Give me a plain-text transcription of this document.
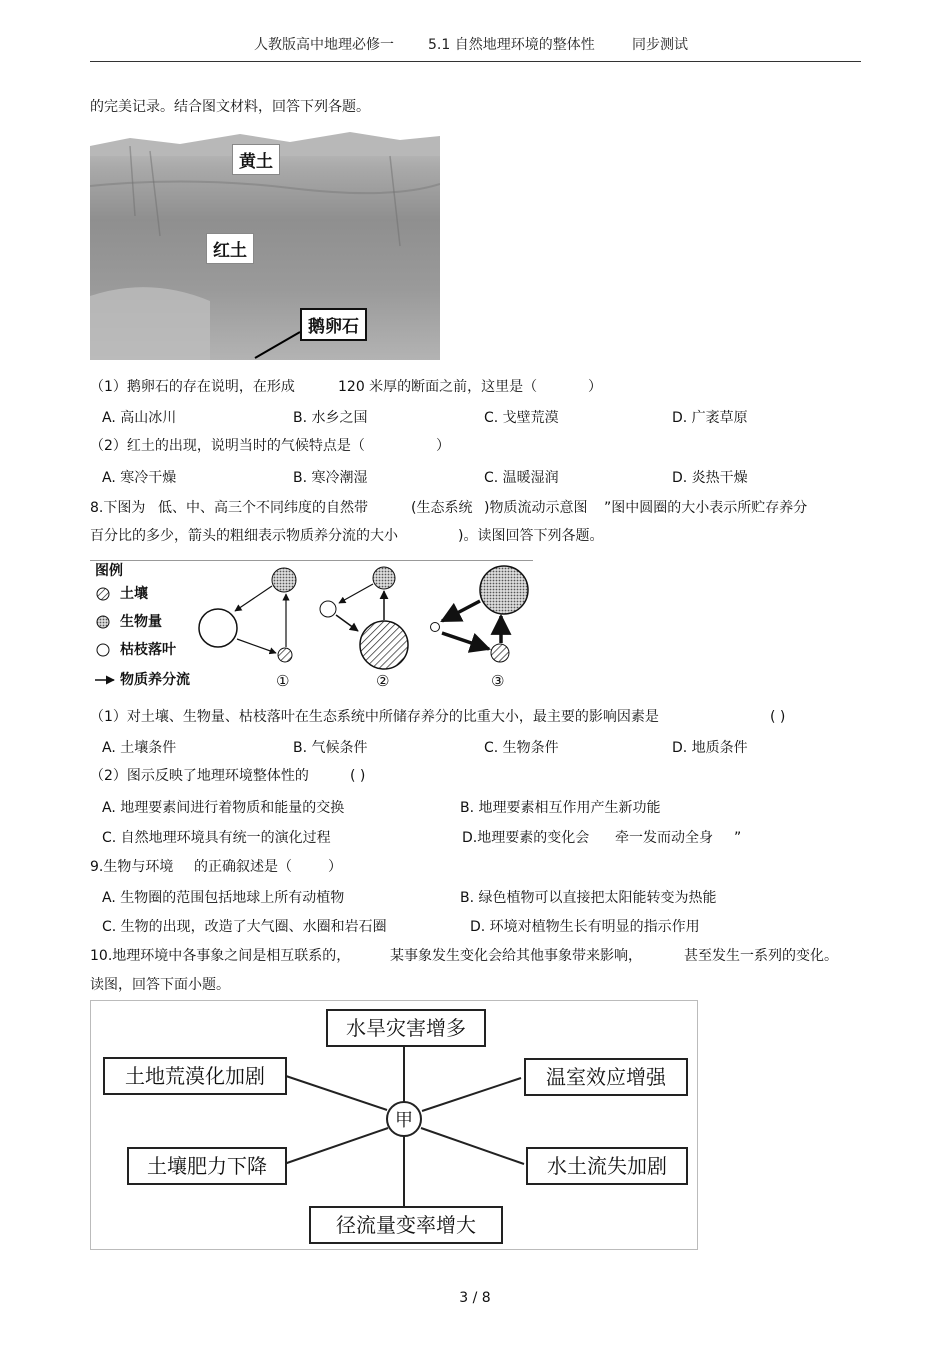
人教版高中地理必修一 5.1 自然地理环境的整体性	同步测试
的完美记录。结合图文材料，回答下列各题。
黄土
红土
鹅卵石
（1）鹅卵石的存在说明，在形成	120 米厚的断面之前，这里是（	）
A. 高山冰川	B. 水乡之国	C. 戈壁荒漠	D. 广袤草原
（2）红土的出现，说明当时的气候特点是（	）
A. 寒冷干燥	B. 寒冷潮湿	C. 温暖湿润	D. 炎热干燥
8.下图为 低、中、高三个不同纬度的自然带	(生态系统 )物质流动示意图 ”图中圆圈的大小表示所贮存养分
百分比的多少，箭头的粗细表示物质养分流的大小	)。读图回答下列各题。
图例
土壤
生物量
枯枝落叶
物质养分流	①	②	③
（1）对土壤、生物量、枯枝落叶在生态系统中所储存养分的比重大小，最主要的影响因素是	( )
A. 土壤条件	B. 气候条件	C. 生物条件	D. 地质条件
（2）图示反映了地理环境整体性的	( )
A. 地理要素间进行着物质和能量的交换	B. 地理要素相互作用产生新功能
C. 自然地理环境具有统一的演化过程	D.地理要素的变化会 牵一发而动全身 ”
9.生物与环境 的正确叙述是（	）
A. 生物圈的范围包括地球上所有动植物	B. 绿色植物可以直接把太阳能转变为热能
C. 生物的出现，改造了大气圈、水圈和岩石圈	D. 环境对植物生长有明显的指示作用
10.地理环境中各事象之间是相互联系的，	某事象发生变化会给其他事象带来影响，	甚至发生一系列的变化。
读图，回答下面小题。
甲
水旱灾害增多
温室效应增强
水土流失加剧
径流量变率增大
土壤肥力下降
土地荒漠化加剧
3 / 8
